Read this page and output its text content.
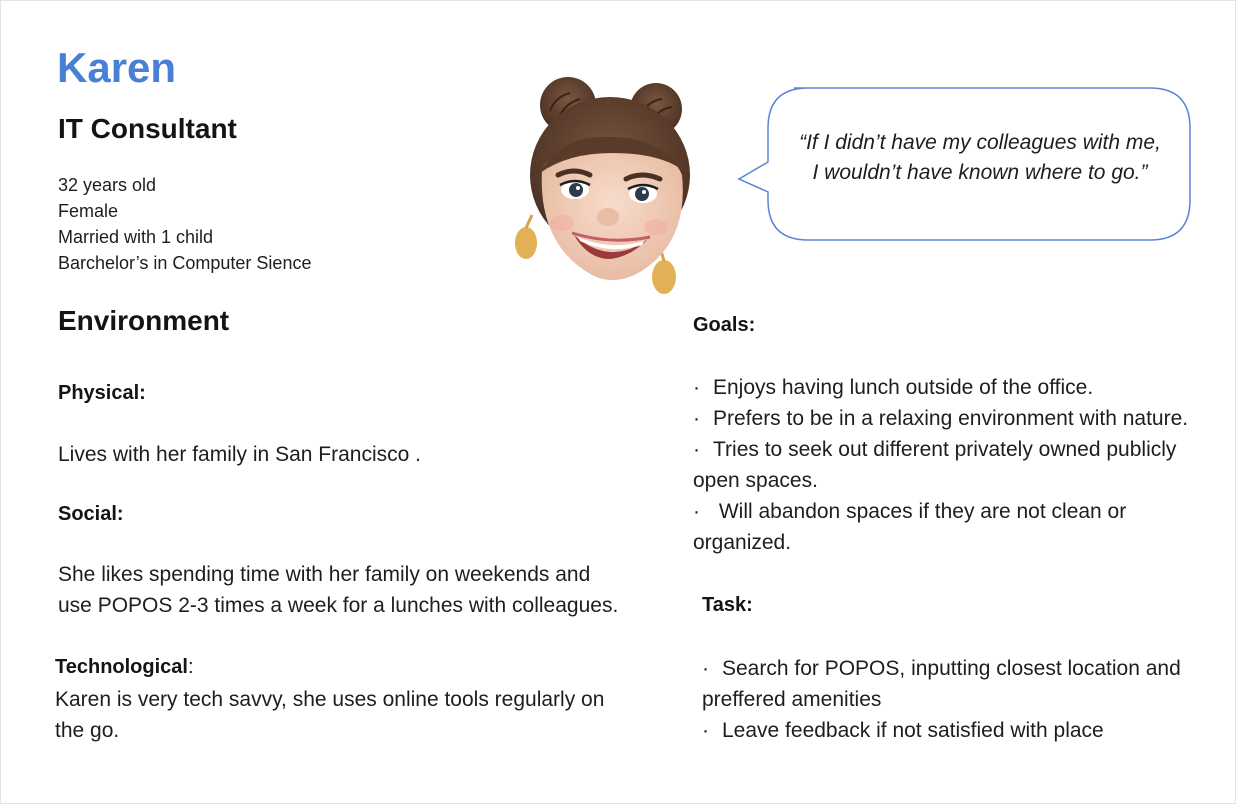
Karen
IT Consultant
32 years old
Female
Married with 1 child
Barchelor’s in Computer Sience
“If I didn’t have my colleagues with me,
I wouldn’t have known where to go.”
Environment
Physical:
Lives with her family in San Francisco .
Social:
She likes spending time with her family on weekends and
use POPOS 2-3 times a week for a lunches with colleagues.
Technological:
Karen is very tech savvy, she uses online tools regularly on
the go.
Goals:
· Enjoys having lunch outside of the office.
· Prefers to be in a relaxing environment with nature.
· Tries to seek out different privately owned publicly
open spaces.
· Will abandon spaces if they are not clean or
organized.
Task:
· Search for POPOS, inputting closest location and
preffered amenities
· Leave feedback if not satisfied with place
